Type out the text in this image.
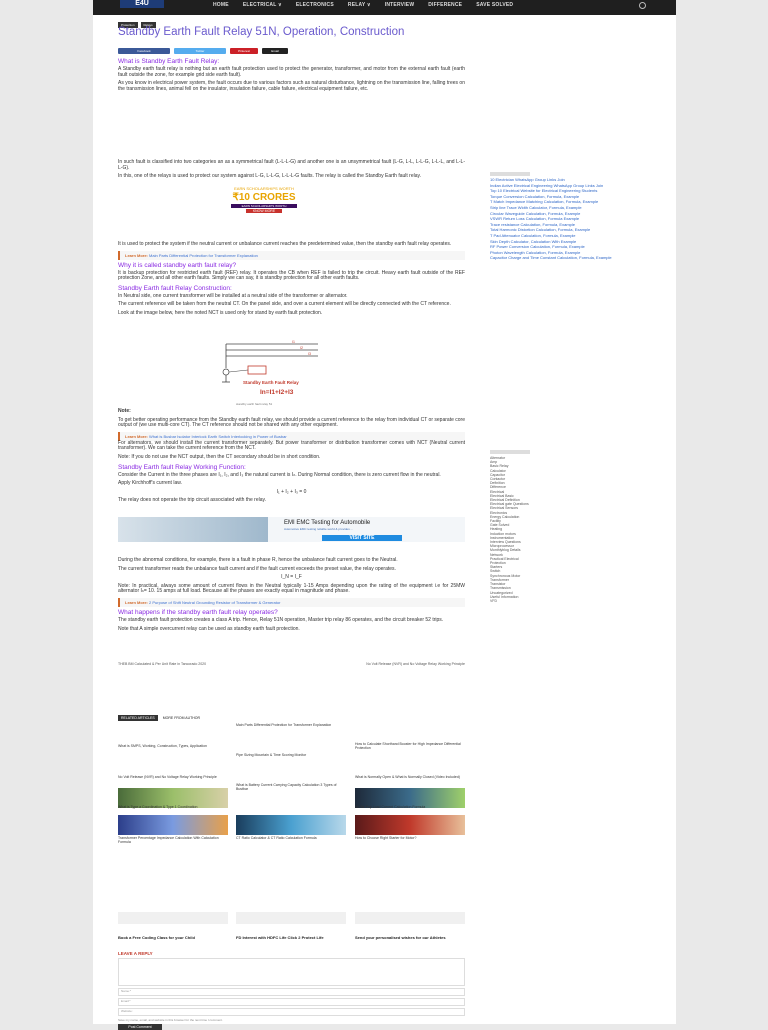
E4U	HOME	ELECTRICAL ∨	ELECTRONICS	RELAY ∨	INTERVIEW	DIFFERENCE	SAVE SOLVED
Protection	Relays
Standby Earth Fault Relay 51N, Operation, Construction
Facebook	Twitter	Pinterest	Email
What is Standby Earth Fault Relay:
A Standby earth fault relay is nothing but an earth fault protection used to protect the generator, transformer, and motor from the external earth fault (earth fault outside the zone, for example grid side earth fault).
As you know in electrical power system, the fault occurs due to various factors such as natural disturbance, lightning on the transmission line, falling trees on the transmission lines, animal fell on the insulator, insulation failure, cable failure, electrical equipment failure, etc.
In such fault is classified into two categories an as a symmetrical fault (L-L-L-G) and another one is an unsymmetrical fault (L-G, L-L, L-L-G, L-L-L, and L-L-L-G).
In this, one of the relays is used to protect our system against L-G, L-L-G, L-L-L-G faults. The relay is called the Standby Earth fault relay.
EARN SCHOLARSHIPS WORTH
₹10 CRORES
EARN SCHOLARSHIPS WORTH
KNOW MORE
It is used to protect the system if the neutral current or unbalance current reaches the predetermined value, then the standby earth fault relay operates.
Learn More: Main Parts Differential Protection for Transformer Explanation
Why it is called standby earth fault relay?
It is backup protection for restricted earth fault (REF) relay. It operates the CB when REF is failed to trip the circuit. Heavy earth fault outside of the REF protection Zone, and all other earth faults. Simply we can say, it is standby protection for all other earth faults.
Standby Earth fault Relay Construction:
In Neutral side, one current transformer will be installed at a neutral side of the transformer or alternator.
The current reference will be taken from the neutral CT. On the panel side, and over a current element will be directly connected with the CT reference.
Look at the image below, here the noted NCT is used only for stand by earth fault protection.
I1
I2
I3
Standby Earth Fault Relay
In=I1+I2+I3
standby earth fault relay 51
Note:
To get better operating performance from the Standby earth fault relay, we should provide a current reference to the relay from individual CT or separate core output of (we use multi-core CT). The CT reference should not be shared with any other equipment.
Learn More: What is Busbar Isolator Interlock Earth Switch Interlocking in Power of Busbar
For alternators, we should install the current transformer separately. But power transformer or distribution transformer comes with NCT (Neutral current transformer). We can take the current reference from the NCT.
Note: If you do not use the NCT output, then the CT secondary should be in short condition.
Standby Earth fault Relay Working Function:
Consider the Current in the three phases are I₁, I₂, and I₃ the natural current is Iₙ. During Normal condition, there is zero current flow in the neutral.
Apply Kirchhoff's current law.
I₁ + I₂ + I₃ = 0
The relay does not operate the trip circuit associated with the relay.
EMI EMC Testing for Automobile
Automotive EMC testing reliable world & provides ...
VISIT SITE
During the abnormal conditions, for example, there is a fault in phase R, hence the unbalance fault current goes to the Neutral.
The current transformer reads the unbalance fault current and if the fault current exceeds the preset value, the relay operates.
I_N = I_F
Note: In practical, always some amount of current flows in the Neutral typically 1-15 Amps depending upon the rating of the equipment i.e for 25MW alternator Iₙ= 10. 15 amps at full load. Because all the phases are exactly equal in magnitude and phase.
Learn More: 2 Purpose of Shift Neutral Grounding Resistor of Transformer & Generator
What happens if the standby earth fault relay operates?
The standby earth fault protection creates a class A trip. Hence, Relay 51N operation, Master trip relay 86 operates, and the circuit breaker 52 trips.
Note that A simple overcurrent relay can be used as standby earth fault protection.
THEB BM Calculated & Per Unit Rate in Tancorado 2020	No Volt Release (NVR) and No Voltage Relay Working Principle
10 Electrician WhatsApp Group Links Join
Indian Active Electrical Engineering WhatsApp Group Links Join
Top 10 Electrical Website for Electrical Engineering Students
Torque Conversion Calculation, Formula, Example
T Match Impedance Matching Calculation, Formula, Example
Strip line Trace Width Calculator, Formula, Example
Circular Waveguide Calculation, Formula, Example
VSWR Return Loss Calculation, Formula Example
Trace resistance Calculation, Formula, Example
Total Harmonic Distortion Calculation, Formula, Example
T Pad Attenuator Calculation, Formula, Example
Skin Depth Calculator, Calculation With Example
RF Power Conversion Calculation, Formula, Example
Photon Wavelength Calculation, Formula, Example
Capacitor Charge and Time Constant Calculation, Formula, Example
Alternator
Amp
Basic Relay
Calculator
Capacitor
Contactor
Definition
Difference
Electrical
Electrical Basic
Electrical Definition
Electrical gate Questions
Electrical Sensors
Electronics
Energy Calculation
Facility
Gate Solved
Heating
Induction motors
Instrumentation
Interview Questions
Microprocessor
Monthlyblog Details
Network
Practical Electrical
Protection
Starters
Switch
Synchronous Motor
Transformer
Transistor
Transmission
Uncategorized
Useful Information
VFD
RELATED ARTICLES	MORE FROM AUTHOR
Main Parts Differential Protection for Transformer Explanation
What is SMPS, Working, Construction, Types, Application
Pipe Sizing Mountain & Time Scoring Monitor
How to Calculate Shorthand Booster for High Impedance Differential Protection
No Volt Release (NVR) and No Voltage Relay Working Principle
What is Battery Current Carrying Capacity Calculation 3 Types of Bustbar
What is Normally Open & What is Normally Closed (Video Included)
What is Type a Coordination & Type 1 Coordination	No Be Pay Load Current Calculation Formula
Transformer Percentage Impedance Calculation With Calculation Formula
CT Ratio Calculator & CT Ratio Calculation Formula	How to Choose Right Starter for Motor?
Book a Free Coding Class for your Child	FD Interest with HDFC Life Click 2 Protect Life	Send your personalised wishes for our Athletes
LEAVE A REPLY
Name:*
Email:*
Website:
Save my name, email, and website in this browser for the next time I comment.
Post Comment
